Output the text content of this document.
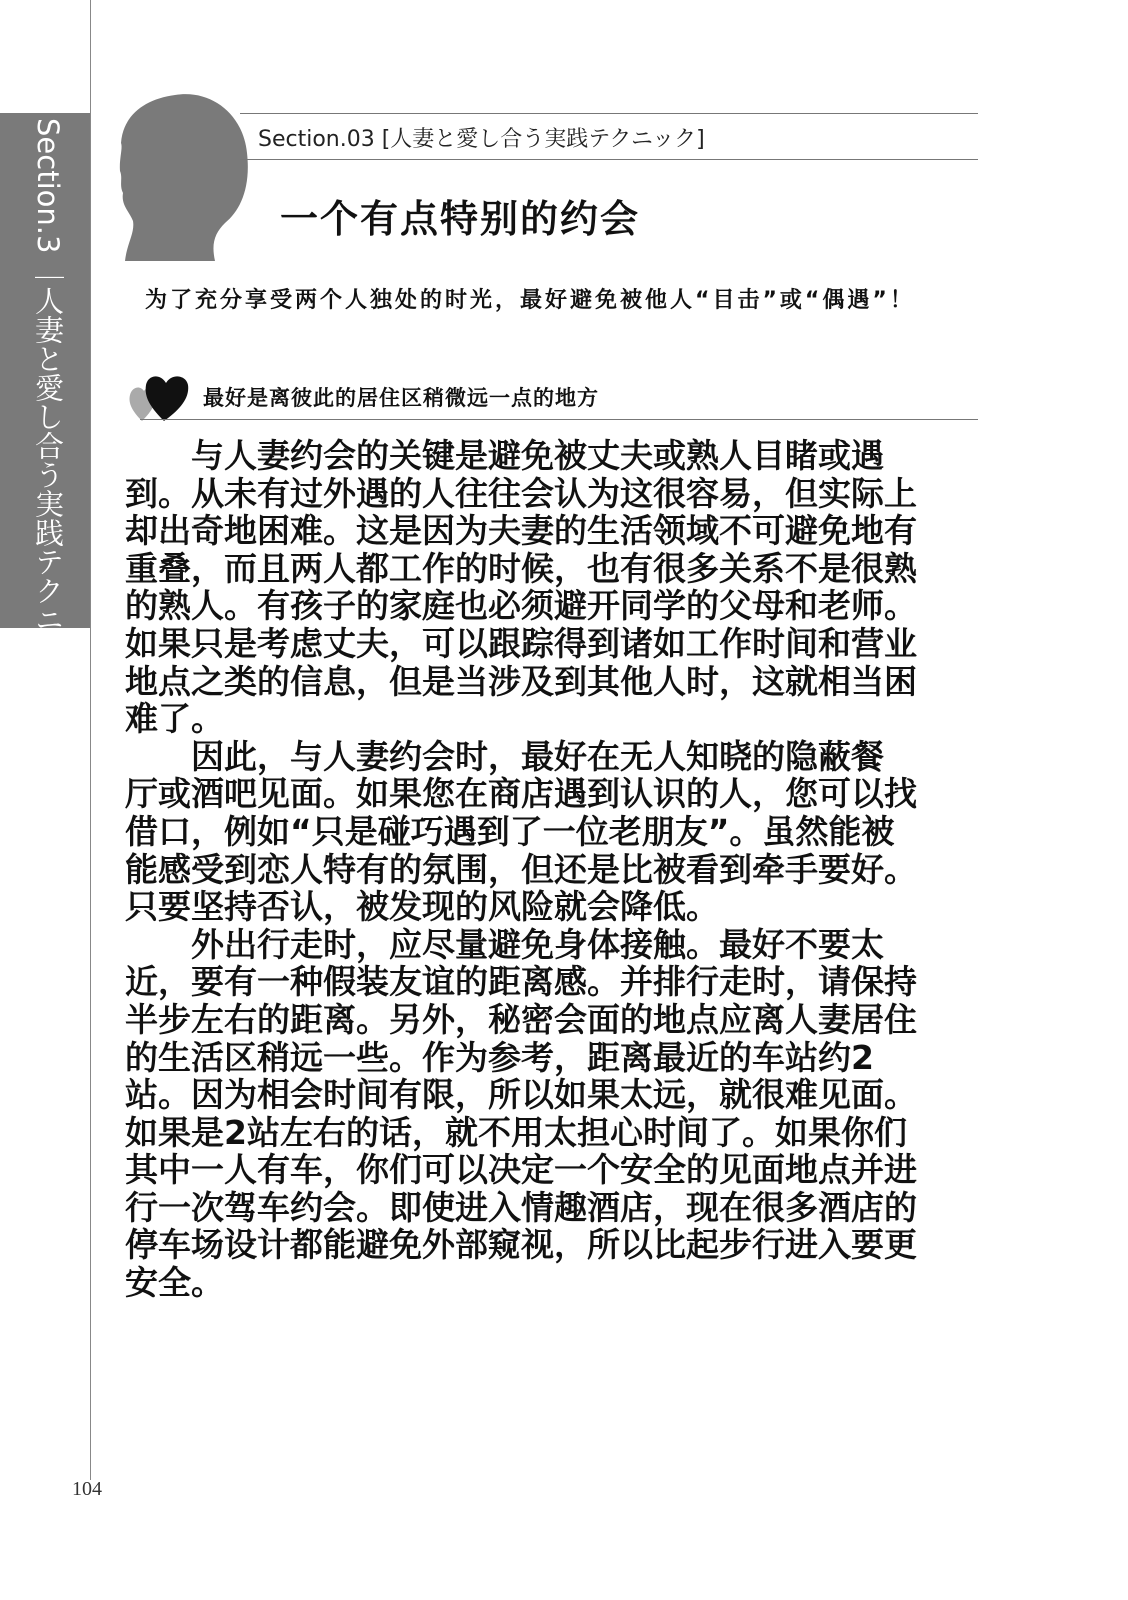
Section.3 ｜ 人妻と愛し合う実践テクニック
Section.03 [人妻と愛し合う実践テクニック]
一个有点特别的约会
为了充分享受两个人独处的时光，最好避免被他人“目击”或“偶遇”！
最好是离彼此的居住区稍微远一点的地方
　　与人妻约会的关键是避免被丈夫或熟人目睹或遇
到。从未有过外遇的人往往会认为这很容易，但实际上
却出奇地困难。这是因为夫妻的生活领域不可避免地有
重叠，而且两人都工作的时候，也有很多关系不是很熟
的熟人。有孩子的家庭也必须避开同学的父母和老师。
如果只是考虑丈夫，可以跟踪得到诸如工作时间和营业
地点之类的信息，但是当涉及到其他人时，这就相当困
难了。
　　因此，与人妻约会时，最好在无人知晓的隐蔽餐
厅或酒吧见面。如果您在商店遇到认识的人，您可以找
借口，例如“只是碰巧遇到了一位老朋友”。虽然能被
能感受到恋人特有的氛围，但还是比被看到牵手要好。
只要坚持否认，被发现的风险就会降低。
　　外出行走时，应尽量避免身体接触。最好不要太
近，要有一种假装友谊的距离感。并排行走时，请保持
半步左右的距离。另外，秘密会面的地点应离人妻居住
的生活区稍远一些。作为参考，距离最近的车站约2
站。因为相会时间有限，所以如果太远，就很难见面。
如果是2站左右的话，就不用太担心时间了。如果你们
其中一人有车，你们可以决定一个安全的见面地点并进
行一次驾车约会。即使进入情趣酒店，现在很多酒店的
停车场设计都能避免外部窥视，所以比起步行进入要更
安全。
104
